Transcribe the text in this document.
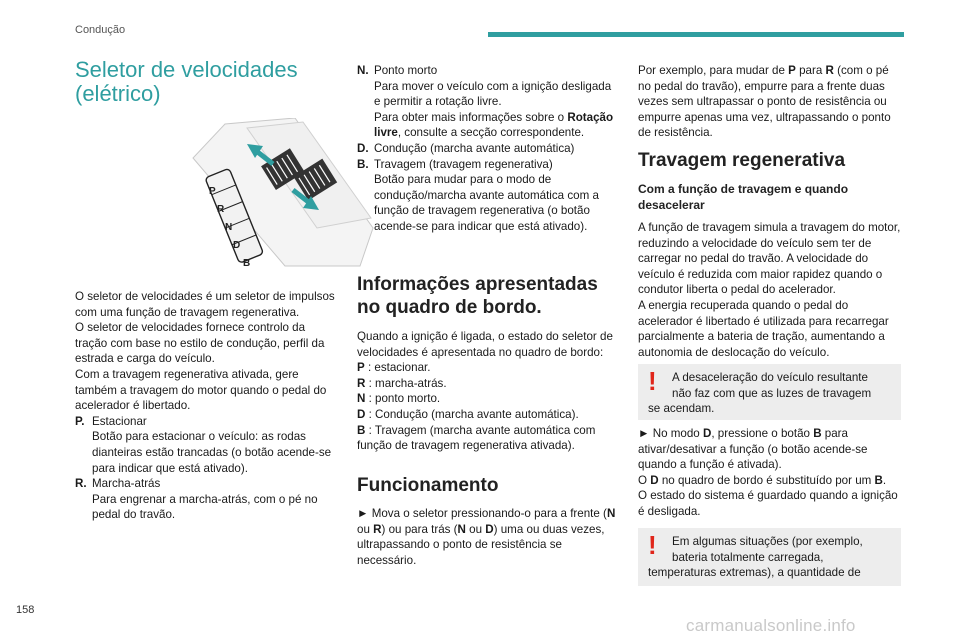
Condução
Seletor de velocidades
(elétrico)
P
R
N
D
B

O seletor de velocidades é um seletor de impulsos com uma função de travagem regenerativa.

O seletor de velocidades fornece controlo da tração com base no estilo de condução, perfil da estrada e carga do veículo.

Com a travagem regenerativa ativada, gere também a travagem do motor quando o pedal do acelerador é libertado.

P. Estacionar

Botão para estacionar o veículo: as rodas dianteiras estão trancadas (o botão acende-se para indicar que está ativado).

R. Marcha-atrás

Para engrenar a marcha-atrás, com o pé no pedal do travão.

N. Ponto morto

Para mover o veículo com a ignição desligada e permitir a rotação livre.

Para obter mais informações sobre o Rotação livre, consulte a secção correspondente.

D. Condução (marcha avante automática)

B. Travagem (travagem regenerativa)

Botão para mudar para o modo de condução/marcha avante automática com a função de travagem regenerativa (o botão acende-se para indicar que está ativado).

Informações apresentadas no quadro de bordo.

Quando a ignição é ligada, o estado do seletor de velocidades é apresentada no quadro de bordo:

P : estacionar.

R : marcha-atrás.

N : ponto morto.

D : Condução (marcha avante automática).

B : Travagem (marcha avante automática com função de travagem regenerativa ativada).

Funcionamento

► Mova o seletor pressionando-o para a frente (N ou R) ou para trás (N ou D) uma ou duas vezes, ultrapassando o ponto de resistência se necessário.

Por exemplo, para mudar de P para R (com o pé no pedal do travão), empurre para a frente duas vezes sem ultrapassar o ponto de resistência ou empurre apenas uma vez, ultrapassando o ponto de resistência.

Travagem regenerativa

Com a função de travagem e quando desacelerar

A função de travagem simula a travagem do motor, reduzindo a velocidade do veículo sem ter de carregar no pedal do travão. A velocidade do veículo é reduzida com maior rapidez quando o condutor liberta o pedal do acelerador.

A energia recuperada quando o pedal do acelerador é libertado é utilizada para recarregar parcialmente a bateria de tração, aumentando a autonomia de deslocação do veículo.

!	A desaceleração do veículo resultante
não faz com que as luzes de travagem
se acendam.

► No modo D, pressione o botão B para ativar/desativar a função (o botão acende-se quando a função é ativada).

O D no quadro de bordo é substituído por um B.

O estado do sistema é guardado quando a ignição é desligada.

!	Em algumas situações (por exemplo,
bateria totalmente carregada,
temperaturas extremas), a quantidade de
158
carmanualsonline.info
